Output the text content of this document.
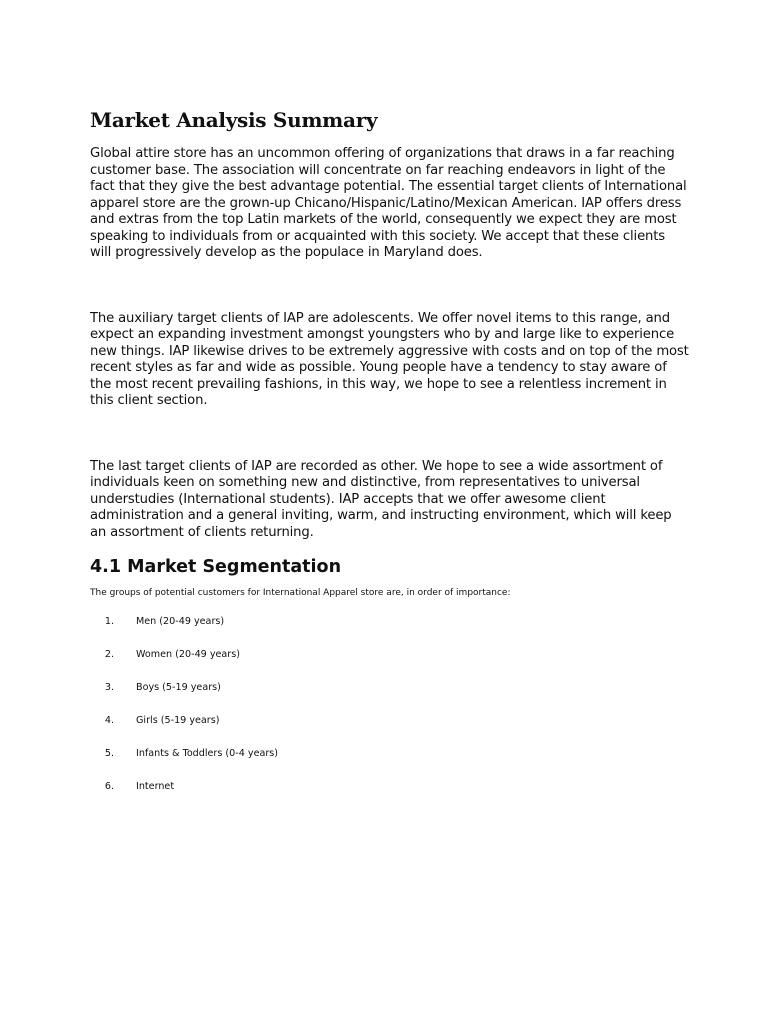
Market Analysis Summary

Global attire store has an uncommon offering of organizations that draws in a far reaching customer base. The association will concentrate on far reaching endeavors in light of the fact that they give the best advantage potential. The essential target clients of International apparel store are the grown-up Chicano/Hispanic/Latino/Mexican American. IAP offers dress and extras from the top Latin markets of the world, consequently we expect they are most speaking to individuals from or acquainted with this society. We accept that these clients will progressively develop as the populace in Maryland does.

The auxiliary target clients of IAP are adolescents. We offer novel items to this range, and expect an expanding investment amongst youngsters who by and large like to experience new things. IAP likewise drives to be extremely aggressive with costs and on top of the most recent styles as far and wide as possible. Young people have a tendency to stay aware of the most recent prevailing fashions, in this way, we hope to see a relentless increment in this client section.

The last target clients of IAP are recorded as other. We hope to see a wide assortment of individuals keen on something new and distinctive, from representatives to universal understudies (International students). IAP accepts that we offer awesome client administration and a general inviting, warm, and instructing environment, which will keep an assortment of clients returning.

4.1 Market Segmentation

The groups of potential customers for International Apparel store are, in order of importance:

1. Men (20-49 years)
2. Women (20-49 years)
3. Boys (5-19 years)
4. Girls (5-19 years)
5. Infants & Toddlers (0-4 years)
6. Internet
